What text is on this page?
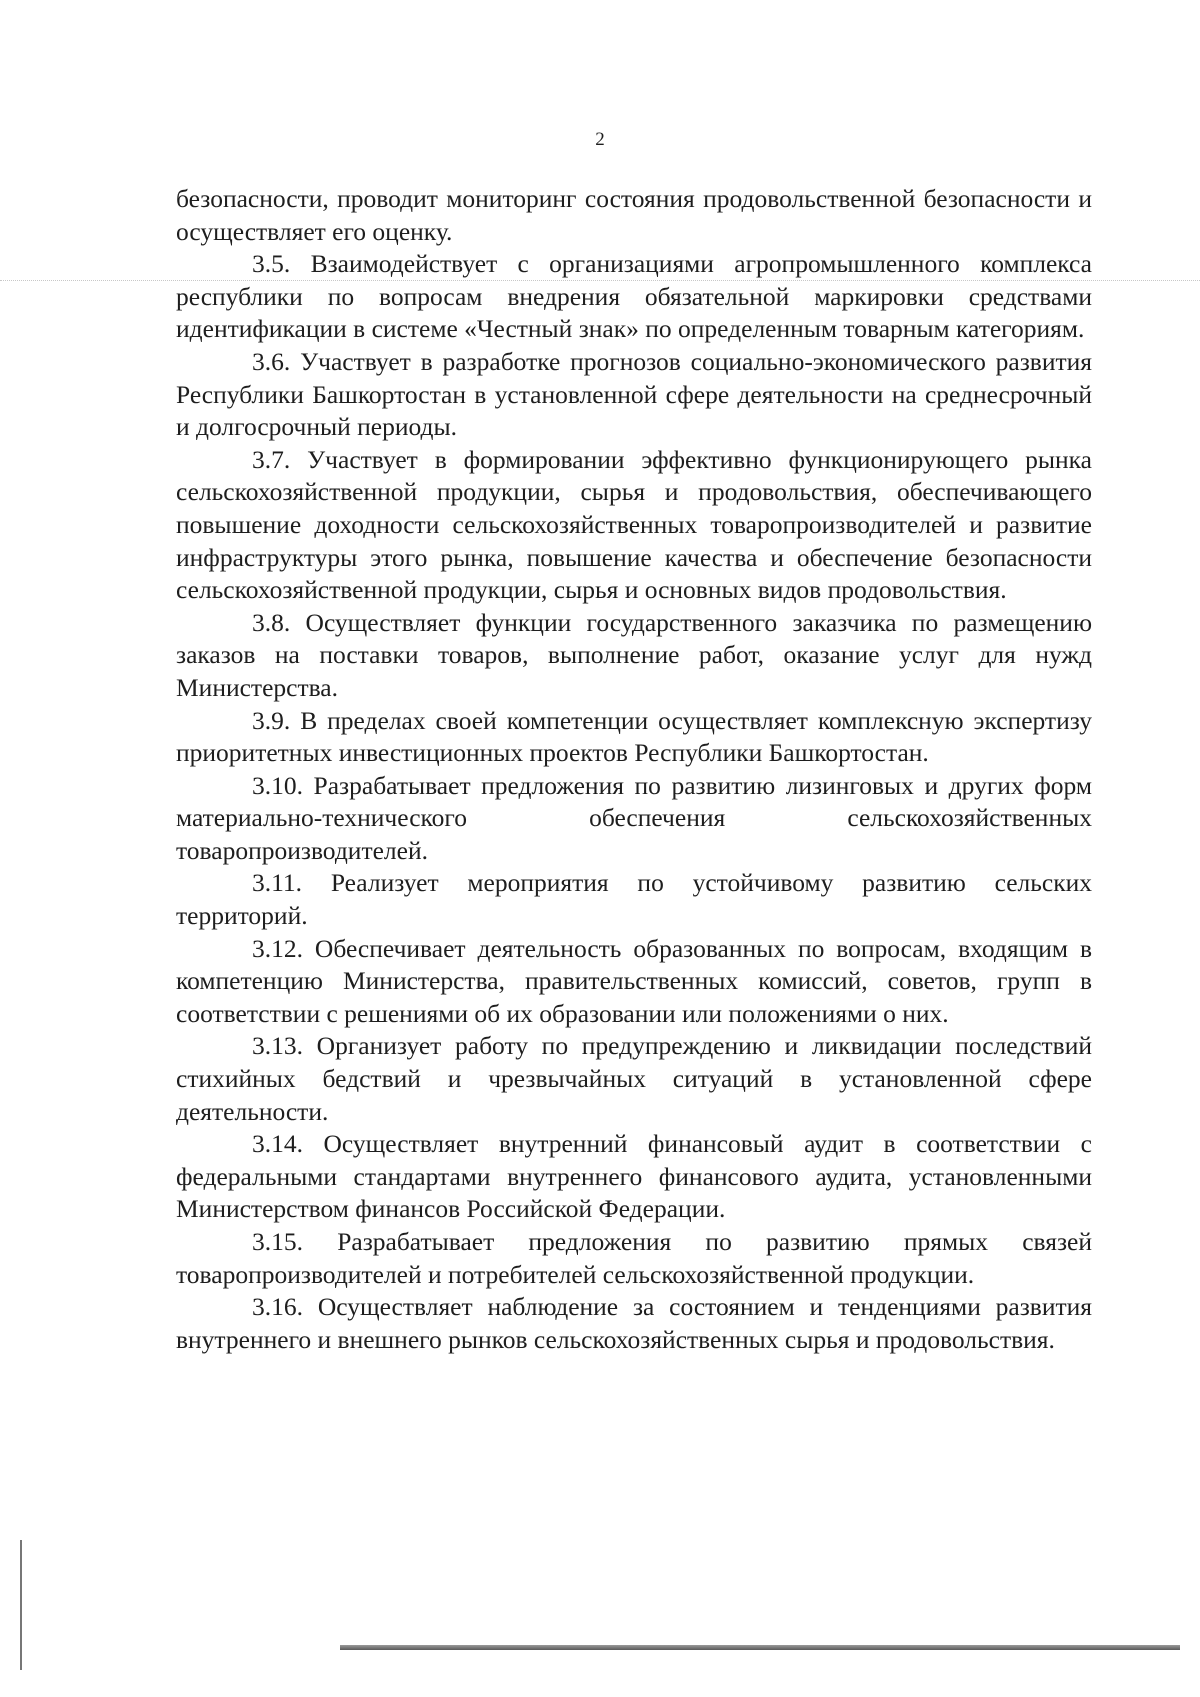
2

безопасности, проводит мониторинг состояния продовольственной безопасности и осуществляет его оценку.

3.5. Взаимодействует с организациями агропромышленного комплекса республики по вопросам внедрения обязательной маркировки средствами идентификации в системе «Честный знак» по определенным товарным категориям.

3.6. Участвует в разработке прогнозов социально-экономического развития Республики Башкортостан в установленной сфере деятельности на среднесрочный и долгосрочный периоды.

3.7. Участвует в формировании эффективно функционирующего рынка сельскохозяйственной продукции, сырья и продовольствия, обеспечивающего повышение доходности сельскохозяйственных товаропроизводителей и развитие инфраструктуры этого рынка, повышение качества и обеспечение безопасности сельскохозяйственной продукции, сырья и основных видов продовольствия.

3.8. Осуществляет функции государственного заказчика по размещению заказов на поставки товаров, выполнение работ, оказание услуг для нужд Министерства.

3.9. В пределах своей компетенции осуществляет комплексную экспертизу приоритетных инвестиционных проектов Республики Башкортостан.

3.10. Разрабатывает предложения по развитию лизинговых и других форм материально-технического обеспечения сельскохозяйственных товаропроизводителей.

3.11. Реализует мероприятия по устойчивому развитию сельских территорий.

3.12. Обеспечивает деятельность образованных по вопросам, входящим в компетенцию Министерства, правительственных комиссий, советов, групп в соответствии с решениями об их образовании или положениями о них.

3.13. Организует работу по предупреждению и ликвидации последствий стихийных бедствий и чрезвычайных ситуаций в установленной сфере деятельности.

3.14. Осуществляет внутренний финансовый аудит в соответствии с федеральными стандартами внутреннего финансового аудита, установленными Министерством финансов Российской Федерации.

3.15. Разрабатывает предложения по развитию прямых связей товаропроизводителей и потребителей сельскохозяйственной продукции.

3.16. Осуществляет наблюдение за состоянием и тенденциями развития внутреннего и внешнего рынков сельскохозяйственных сырья и продовольствия.
